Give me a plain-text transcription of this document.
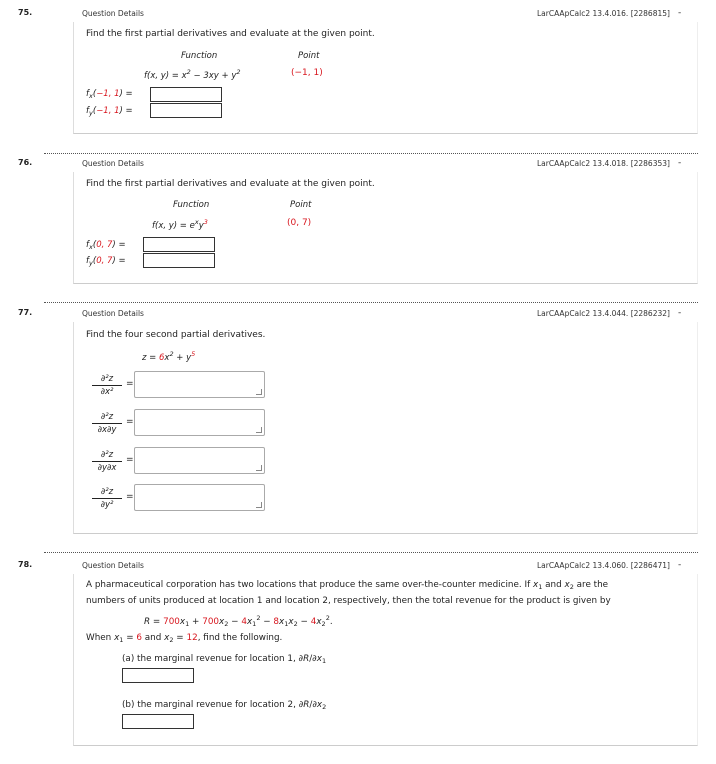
75.	Question Details	LarCAApCalc2 13.4.016. [2286815] -
Find the first partial derivatives and evaluate at the given point.
Function	Point
f(x, $y) = x^2 - 3xy + y^2$	(−1, 1)
$f_x(-1$, 1) =
$f_y(-1$, 1) =
76.	Question Details	LarCAApCalc2 13.4.018. [2286353] -
Find the first partial derivatives and evaluate at the given point.
Function	Point
f(x, $y) = e^xy^3$	(0, 7)
$f_x(0$, 7) =
$f_y(0$, 7) =
77.	Question Details	LarCAApCalc2 13.4.044. [2286232] -
Find the four second partial derivatives.
$z = 6x^2 + y^5$
$\frac{\text{∂²z}}{\text{∂x²}}$ =
$\frac{\text{∂²z}}{\partial x\partial y}$ =
$\frac{\text{∂²z}}{\partial y\partial x}$ =
$\frac{\text{∂²z}}{\text{∂y²}}$ =
78.	Question Details	LarCAApCalc2 13.4.060. [2286471] -
A pharmaceutical corporation has two locations that produce the same over-the-counter medicine. If $x_1$ and $x_2$ are the
numbers of units produced at location 1 and location 2, respectively, then the total revenue for the product is given by
$R = 700x_1 + 700x_2 - 4x_1^2 - 8x_1x_2 - 4x_2^2$.
When $x_1 = 6$ and $x_2 = 12$, find the following.
(a) the marginal revenue for location 1, $\partial R/\partial x_1$
(b) the marginal revenue for location 2, $\partial R/\partial x_2$
